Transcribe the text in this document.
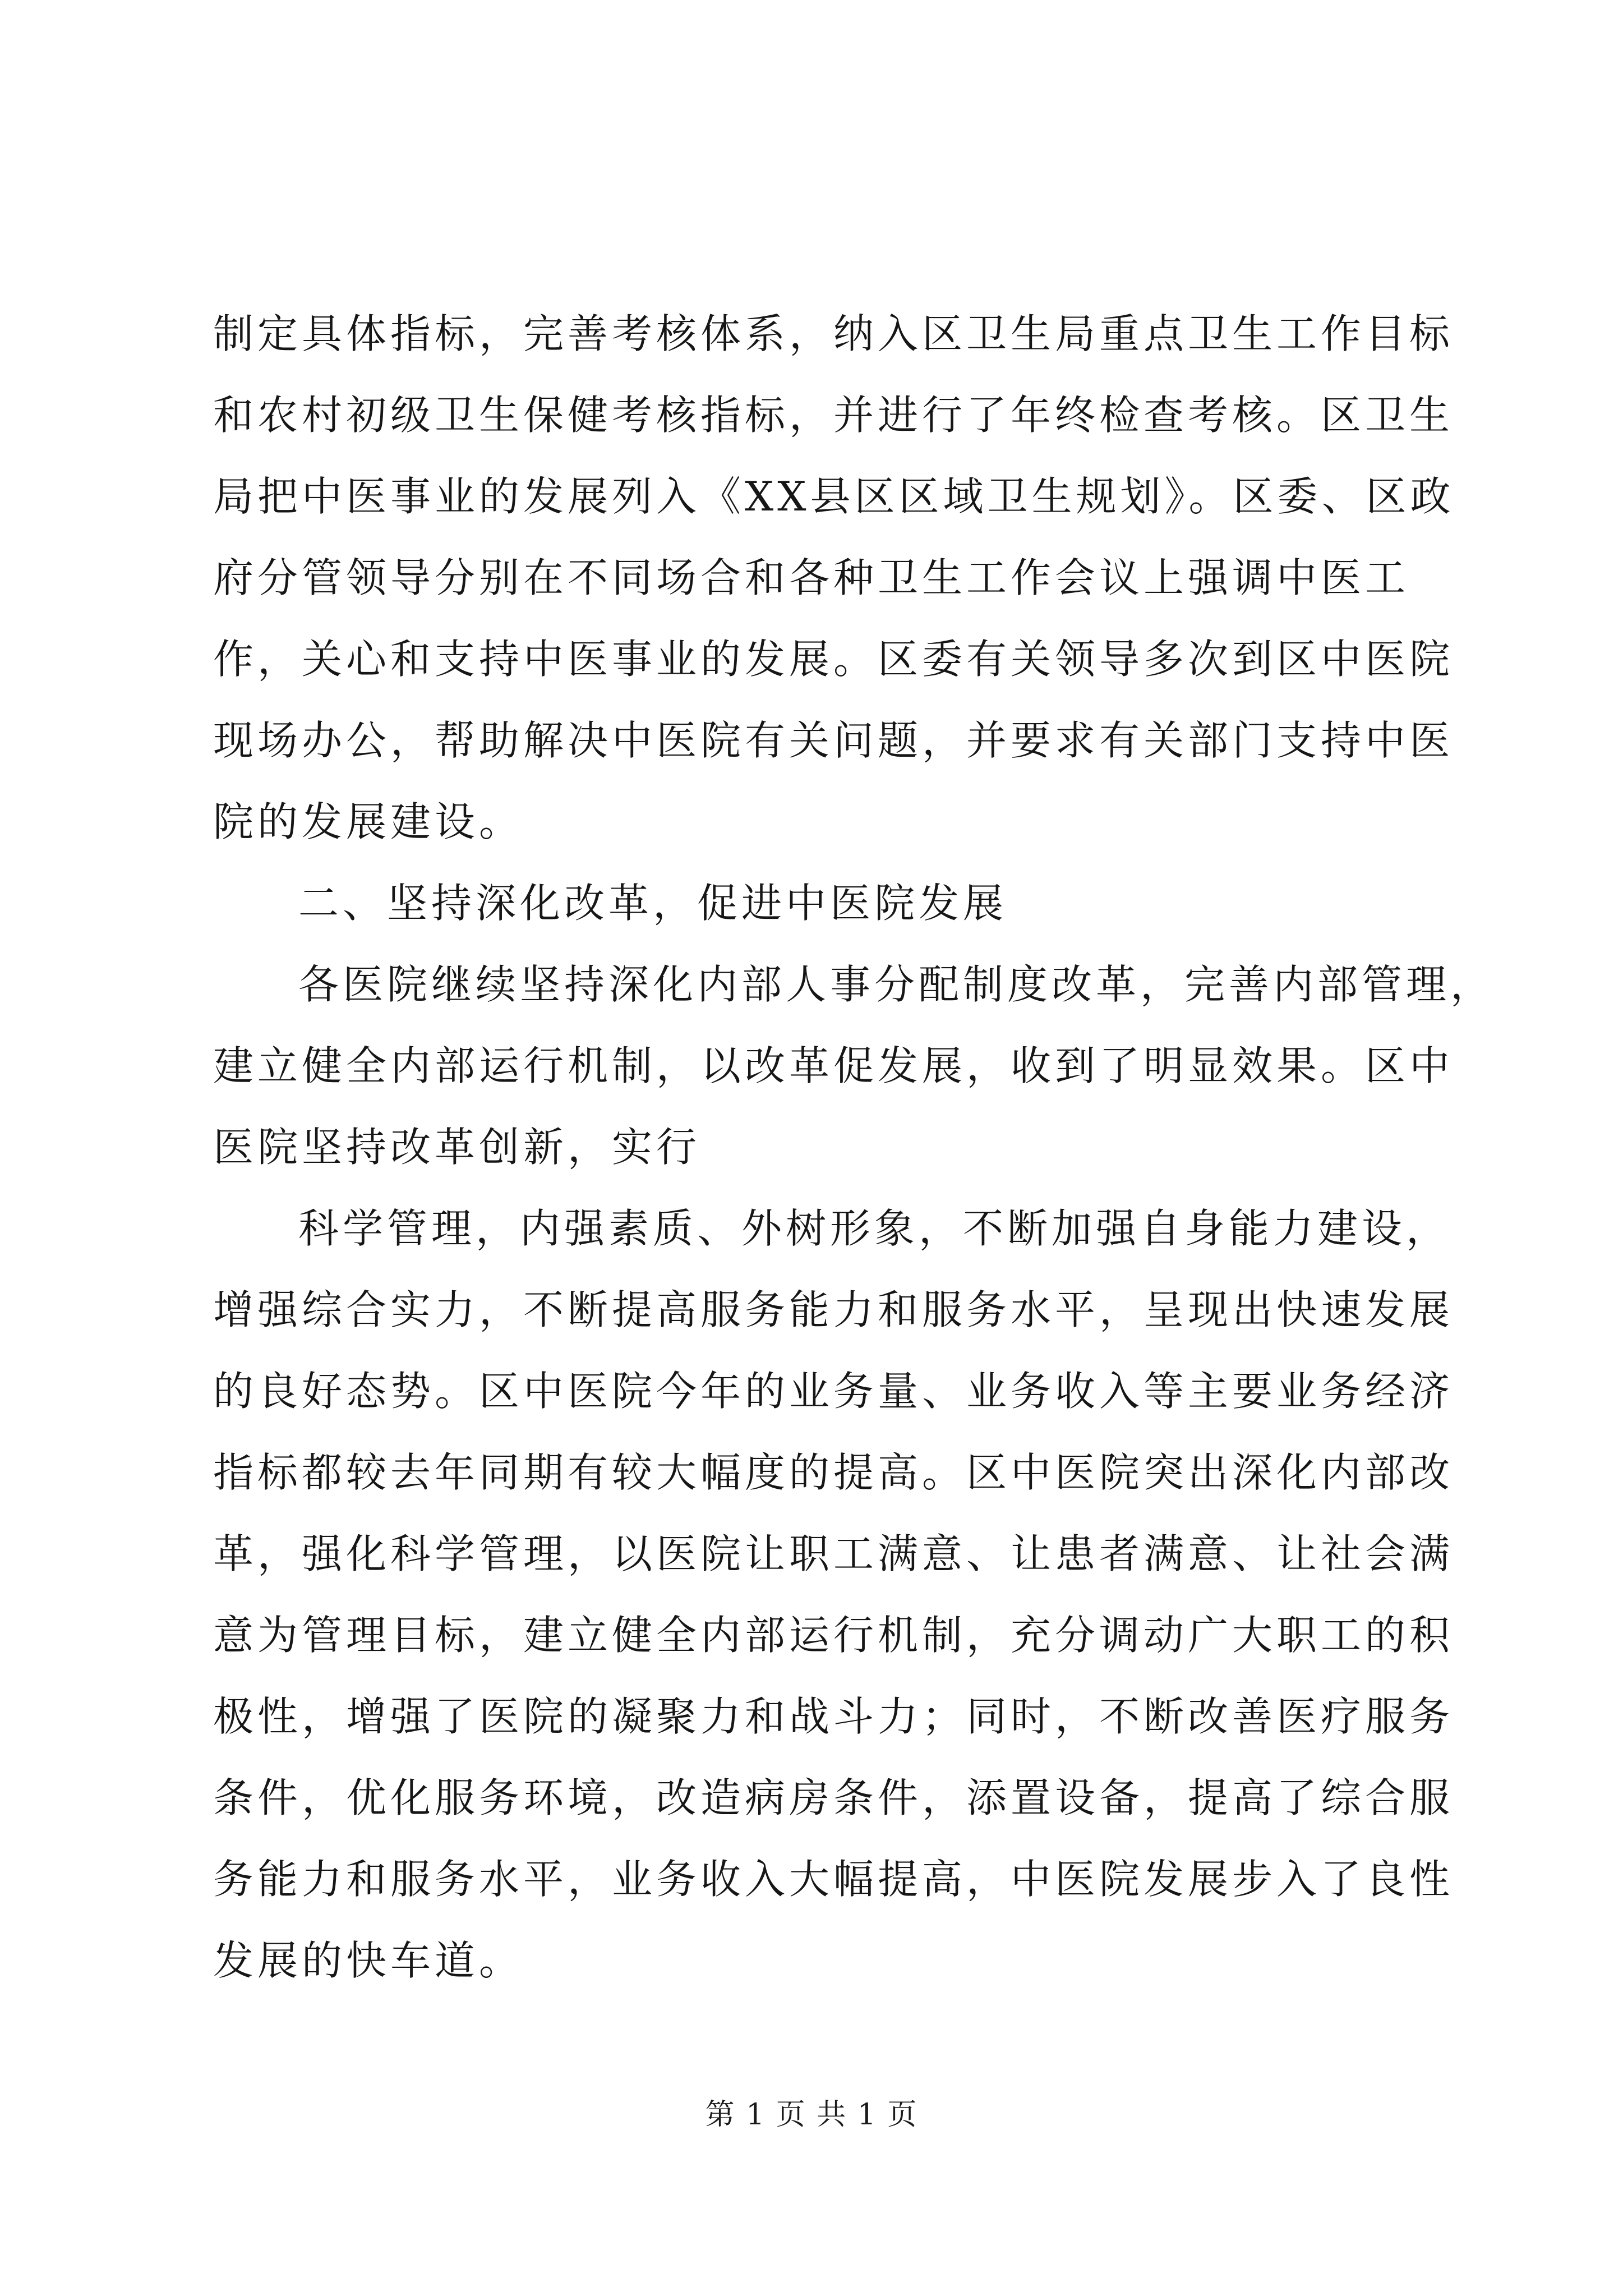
制定具体指标，完善考核体系，纳入区卫生局重点卫生工作目标
和农村初级卫生保健考核指标，并进行了年终检查考核。区卫生
局把中医事业的发展列入《XX县区区域卫生规划》。区委、区政
府分管领导分别在不同场合和各种卫生工作会议上强调中医工
作，关心和支持中医事业的发展。区委有关领导多次到区中医院
现场办公，帮助解决中医院有关问题，并要求有关部门支持中医
院的发展建设。
二、坚持深化改革，促进中医院发展
各医院继续坚持深化内部人事分配制度改革，完善内部管理，
建立健全内部运行机制，以改革促发展，收到了明显效果。区中
医院坚持改革创新，实行
科学管理，内强素质、外树形象，不断加强自身能力建设，
增强综合实力，不断提高服务能力和服务水平，呈现出快速发展
的良好态势。区中医院今年的业务量、业务收入等主要业务经济
指标都较去年同期有较大幅度的提高。区中医院突出深化内部改
革，强化科学管理，以医院让职工满意、让患者满意、让社会满
意为管理目标，建立健全内部运行机制，充分调动广大职工的积
极性，增强了医院的凝聚力和战斗力；同时，不断改善医疗服务
条件，优化服务环境，改造病房条件，添置设备，提高了综合服
务能力和服务水平，业务收入大幅提高，中医院发展步入了良性
发展的快车道。
第 1 页 共 1 页
